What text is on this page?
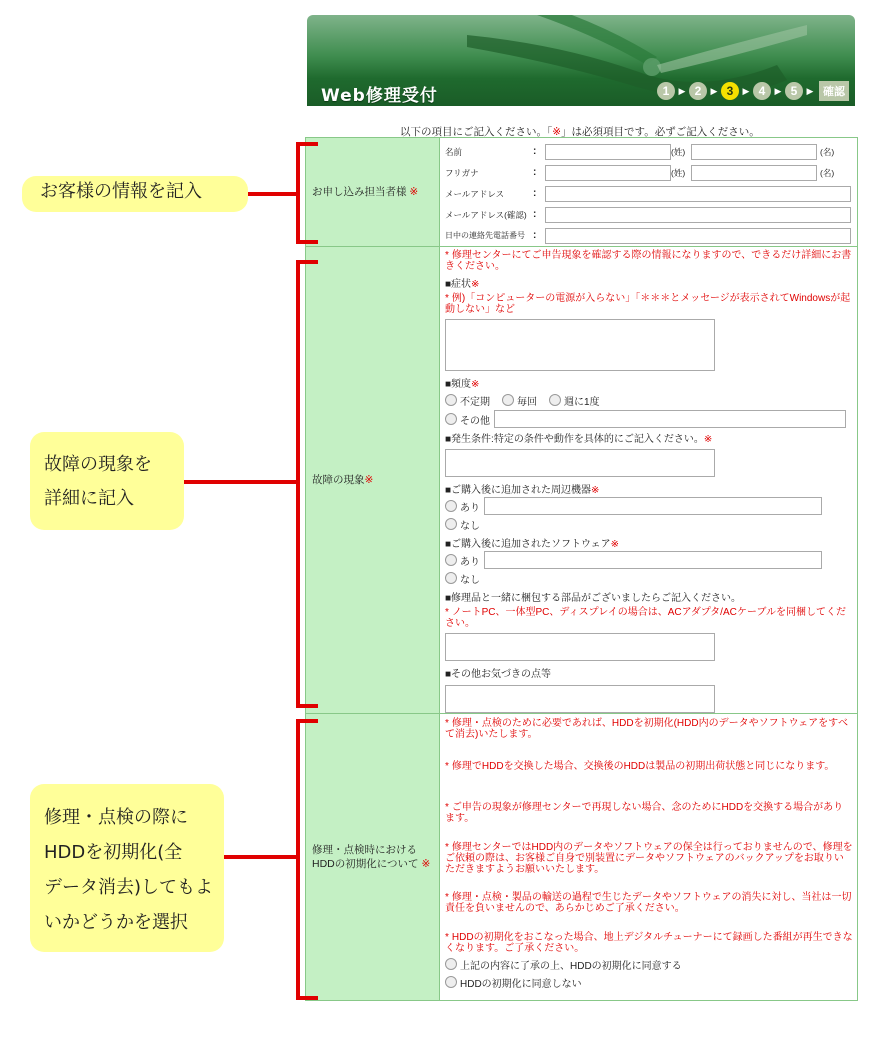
Web修理受付	1	▶ 2	▶ 3	▶ 4	▶ 5	▶ 確認
以下の項目にご記入ください。「※」は必須項目です。必ずご記入ください。
お申し込み担当者様
※
名前	:	(姓)	(名)
フリガナ	:	(姓)	(名)
メールアドレス	:
メールアドレス(確認) :
日中の連絡先電話番号 :
故障の現象 ※
* 修理センターにてご申告現象を確認する際の情報になりますので、できるだけ詳細にお書きください。
■症状※
* 例)「コンピューターの電源が入らない」「＊＊＊とメッセージが表示されてWindowsが起動しない」など
■頻度※
不定期	毎回	週に1度
その他
■発生条件:特定の条件や動作を具体的にご記入ください。※
■ご購入後に追加された周辺機器※
あり
なし
■ご購入後に追加されたソフトウェア※
あり
なし
■修理品と一緒に梱包する部品がございましたらご記入ください。
* ノートPC、一体型PC、ディスプレイの場合は、ACアダプタ/ACケーブルを同梱してください。
■その他お気づきの点等
修理・点検時における
HDDの初期化について ※
* 修理・点検のために必要であれば、HDDを初期化(HDD内のデータやソフトウェアをすべて消去)いたします。
* 修理でHDDを交換した場合、交換後のHDDは製品の初期出荷状態と同じになります。
* ご申告の現象が修理センターで再現しない場合、念のためにHDDを交換する場合があります。
* 修理センターではHDD内のデータやソフトウェアの保全は行っておりませんので、修理をご依頼の際は、お客様ご自身で別装置にデータやソフトウェアのバックアップをお取りいただきますようお願いいたします。
* 修理・点検・製品の輸送の過程で生じたデータやソフトウェアの消失に対し、当社は一切責任を負いませんので、あらかじめご了承ください。
* HDDの初期化をおこなった場合、地上デジタルチューナーにて録画した番組が再生できなくなります。ご了承ください。
上記の内容に了承の上、HDDの初期化に同意する
HDDの初期化に同意しない
お客様の情報を記入
故障の現象を
詳細に記入
修理・点検の際に
HDDを初期化(全
データ消去)してもよ
いかどうかを選択
